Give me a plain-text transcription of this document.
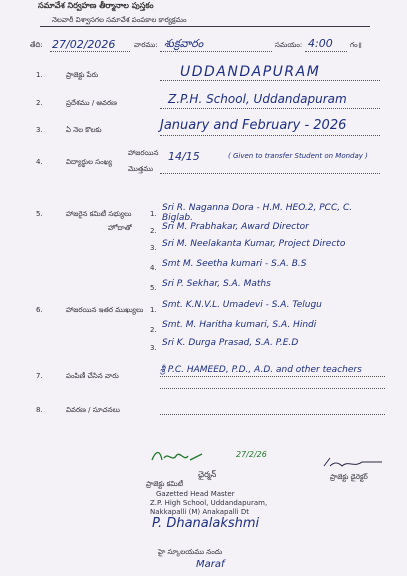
సమావేశ నిర్వహణ తీర్మానాల పుస్తకం
నెలవారీ విశ్వాసగల సమావేశ పంపకాల కార్యక్రమం
తేది: 27/02/2026	వారము: శుక్రవారం	సమయం: 4:00 గం॥
1.	ప్రాజెక్టు పేరు	UDDANDAPURAM
2.	ప్రదేశము / ఆవరణ	Z.P.H. School, Uddandapuram
3.	ఏ నెల కొలకు	January and February - 2026
4.	విద్యార్థుల సంఖ్య
హాజరయిన
మొత్తము
14/15	( Given to transfer Student on Monday )
5.	హాజరైన కమిటీ సభ్యులు
హోదాతో
1.
Sri R. Naganna Dora - H.M. HEO.2, PCC, C. Biglab.
2. Sri M. Prabhakar, Award Director
3. Sri M. Neelakanta Kumar, Project Directo
4. Smt M. Seetha kumari - S.A. B.S
5. Sri P. Sekhar, S.A. Maths
6.	హాజరయిన ఇతర ముఖ్యులు 1. Smt. K.N.V.L. Umadevi - S.A. Telugu
2. Smt. M. Haritha kumari, S.A. Hindi
3. Sri K. Durga Prasad, S.A. P.E.D
7.	పంపిణీ చేసిన వారు
శ్రీ P.C. HAMEED, P.D., A.D. and other teachers
8.	వివరణ / సూచనలు
27/2/26
ఛైర్మన్
ప్రాజెక్టు కమిటీ
Gazetted Head Master
Z.P. High School, Uddandapuram,
Nakkapalli (M) Anakapalli Dt
ప్రాజెక్టు డైరెక్టర్
P. Dhanalakshmi
హై స్కూలయము నందు
Maraf
